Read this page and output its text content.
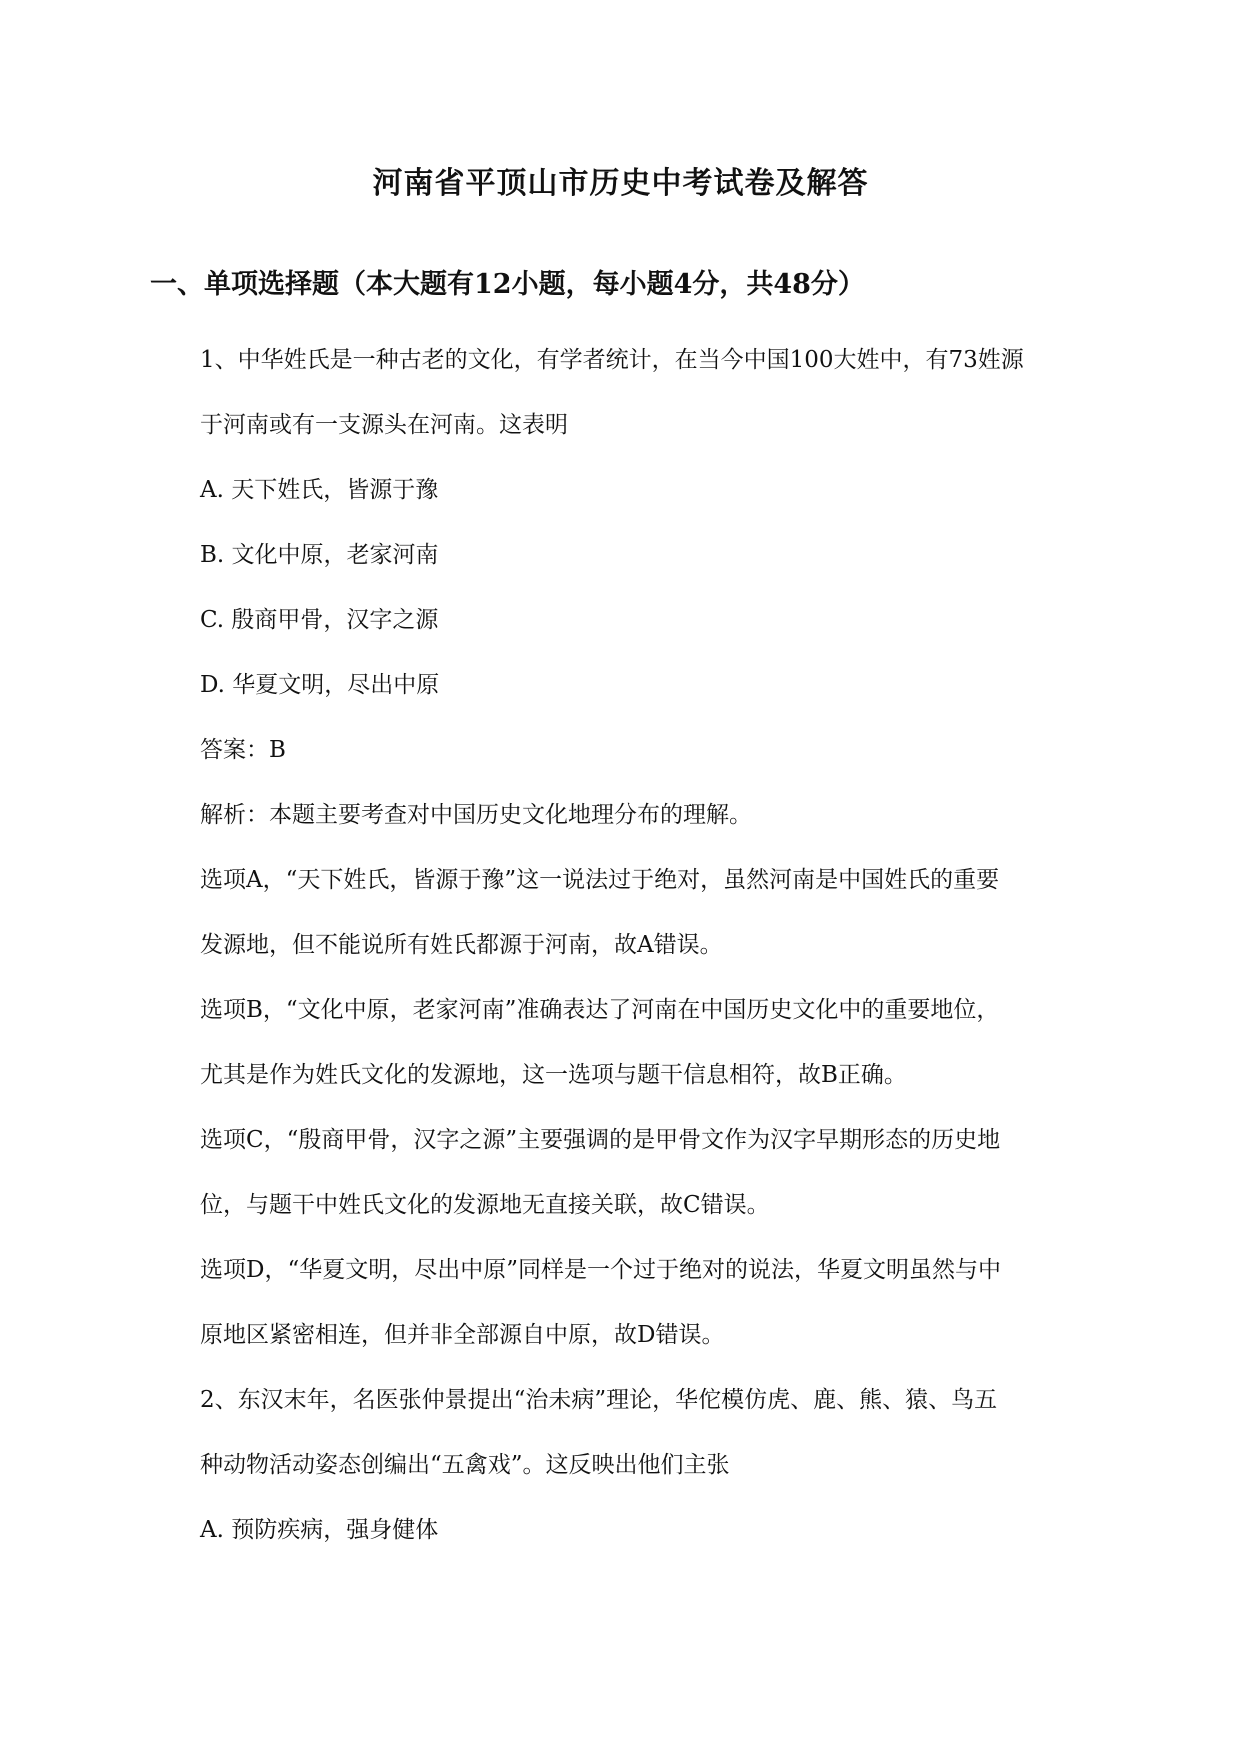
河南省平顶山市历史中考试卷及解答
一、单项选择题（本大题有12小题，每小题4分，共48分）
1、中华姓氏是一种古老的文化，有学者统计，在当今中国100大姓中，有73姓源
于河南或有一支源头在河南。这表明
A. 天下姓氏，皆源于豫
B. 文化中原，老家河南
C. 殷商甲骨，汉字之源
D. 华夏文明，尽出中原
答案：B
解析：本题主要考查对中国历史文化地理分布的理解。
选项A，“天下姓氏，皆源于豫”这一说法过于绝对，虽然河南是中国姓氏的重要
发源地，但不能说所有姓氏都源于河南，故A错误。
选项B，“文化中原，老家河南”准确表达了河南在中国历史文化中的重要地位，
尤其是作为姓氏文化的发源地，这一选项与题干信息相符，故B正确。
选项C，“殷商甲骨，汉字之源”主要强调的是甲骨文作为汉字早期形态的历史地
位，与题干中姓氏文化的发源地无直接关联，故C错误。
选项D，“华夏文明，尽出中原”同样是一个过于绝对的说法，华夏文明虽然与中
原地区紧密相连，但并非全部源自中原，故D错误。
2、东汉末年，名医张仲景提出“治未病”理论，华佗模仿虎、鹿、熊、猿、鸟五
种动物活动姿态创编出“五禽戏”。这反映出他们主张
A. 预防疾病，强身健体
